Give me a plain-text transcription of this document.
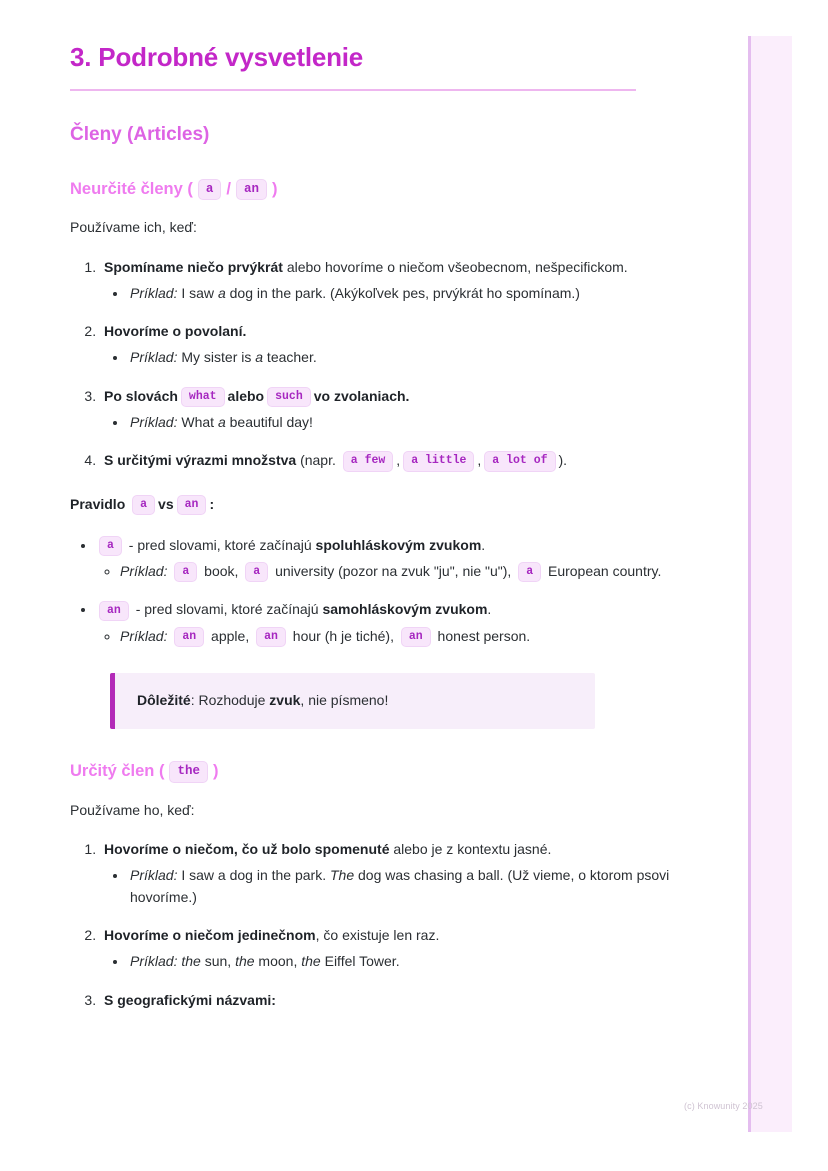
3. Podrobné vysvetlenie
Členy (Articles)
Neurčité členy (	a /	an )

Používame ich, keď:

1. Spomíname niečo prvýkrát alebo hovoríme o niečom všeobecnom, nešpecifickom.
• Príklad: I saw a dog in the park. (Akýkoľvek pes, prvýkrát ho spomínam.)
2. Hovoríme o povolaní.
• Príklad: My sister is a teacher.
3. Po slovách what alebo such vo zvolaniach.
• Príklad: What a beautiful day!
4. S určitými výrazmi množstva (napr. a few , a little , a lot of ).
Pravidlo
	a vs an :
• a - pred slovami, ktoré začínajú spoluhláskovým zvukom.
◦ Príklad: a book, a university (pozor na zvuk "ju", nie "u"), a European country.
• an - pred slovami, ktoré začínajú samohláskovým zvukom.
◦ Príklad: an apple, an hour (h je tiché), an honest person.
Dôležité: Rozhoduje zvuk, nie písmeno!
Určitý člen (	the )

Používame ho, keď:

1. Hovoríme o niečom, čo už bolo spomenuté alebo je z kontextu jasné.
• Príklad: I saw a dog in the park. The dog was chasing a ball. (Už vieme, o ktorom psovi hovoríme.)
2. Hovoríme o niečom jedinečnom, čo existuje len raz.
• Príklad: the sun, the moon, the Eiffel Tower.
3. S geografickými názvami:
(c) Knowunity 2025
